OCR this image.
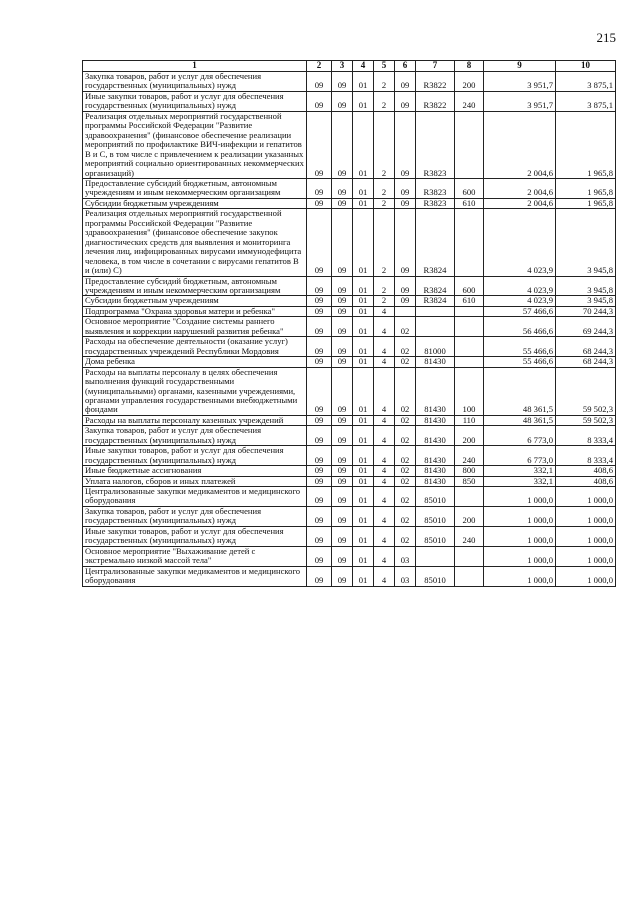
215
1	2	3	4	5	6	7	8	9	10
Закупка товаров, работ и услуг для обеспечения государственных (муниципальных) нужд	09	09	01	2	09	R3822	200	3 951,7	3 875,1
Иные закупки товаров, работ и услуг для обеспечения государственных (муниципальных) нужд	09	09	01	2	09	R3822	240	3 951,7	3 875,1
Реализация отдельных мероприятий государственной программы Российской Федерации "Развитие здравоохранения" (финансовое обеспечение реализации мероприятий по профилактике ВИЧ-инфекции и гепатитов В и С, в том числе с привлечением к реализации указанных мероприятий социально ориентированных некоммерческих организаций)	09	09	01	2	09	R3823		2 004,6	1 965,8
Предоставление субсидий бюджетным, автономным учреждениям и иным некоммерческим организациям	09	09	01	2	09	R3823	600	2 004,6	1 965,8
Субсидии бюджетным учреждениям	09	09	01	2	09	R3823	610	2 004,6	1 965,8
Реализация отдельных мероприятий государственной программы Российской Федерации "Развитие здравоохранения" (финансовое обеспечение закупок диагностических средств для выявления и мониторинга лечения лиц, инфицированных вирусами иммунодефицита человека, в том числе в сочетании с вирусами гепатитов В и (или) С)	09	09	01	2	09	R3824		4 023,9	3 945,8
Предоставление субсидий бюджетным, автономным учреждениям и иным некоммерческим организациям	09	09	01	2	09	R3824	600	4 023,9	3 945,8
Субсидии бюджетным учреждениям	09	09	01	2	09	R3824	610	4 023,9	3 945,8
Подпрограмма "Охрана здоровья матери и ребенка"	09	09	01	4				57 466,6	70 244,3
Основное мероприятие "Создание системы раннего выявления и коррекции нарушений развития ребенка"	09	09	01	4	02			56 466,6	69 244,3
Расходы на обеспечение деятельности (оказание услуг) государственных учреждений Республики Мордовия	09	09	01	4	02	81000		55 466,6	68 244,3
Дома ребенка	09	09	01	4	02	81430		55 466,6	68 244,3
Расходы на выплаты персоналу в целях обеспечения выполнения функций государственными (муниципальными) органами, казенными учреждениями, органами управления государственными внебюджетными фондами	09	09	01	4	02	81430	100	48 361,5	59 502,3
Расходы на выплаты персоналу казенных учреждений	09	09	01	4	02	81430	110	48 361,5	59 502,3
Закупка товаров, работ и услуг для обеспечения государственных (муниципальных) нужд	09	09	01	4	02	81430	200	6 773,0	8 333,4
Иные закупки товаров, работ и услуг для обеспечения государственных (муниципальных) нужд	09	09	01	4	02	81430	240	6 773,0	8 333,4
Иные бюджетные ассигнования	09	09	01	4	02	81430	800	332,1	408,6
Уплата налогов, сборов и иных платежей	09	09	01	4	02	81430	850	332,1	408,6
Централизованные закупки медикаментов и медицинского оборудования	09	09	01	4	02	85010		1 000,0	1 000,0
Закупка товаров, работ и услуг для обеспечения государственных (муниципальных) нужд	09	09	01	4	02	85010	200	1 000,0	1 000,0
Иные закупки товаров, работ и услуг для обеспечения государственных (муниципальных) нужд	09	09	01	4	02	85010	240	1 000,0	1 000,0
Основное мероприятие "Выхаживание детей с экстремально низкой массой тела"	09	09	01	4	03			1 000,0	1 000,0
Централизованные закупки медикаментов и медицинского оборудования	09	09	01	4	03	85010		1 000,0	1 000,0
